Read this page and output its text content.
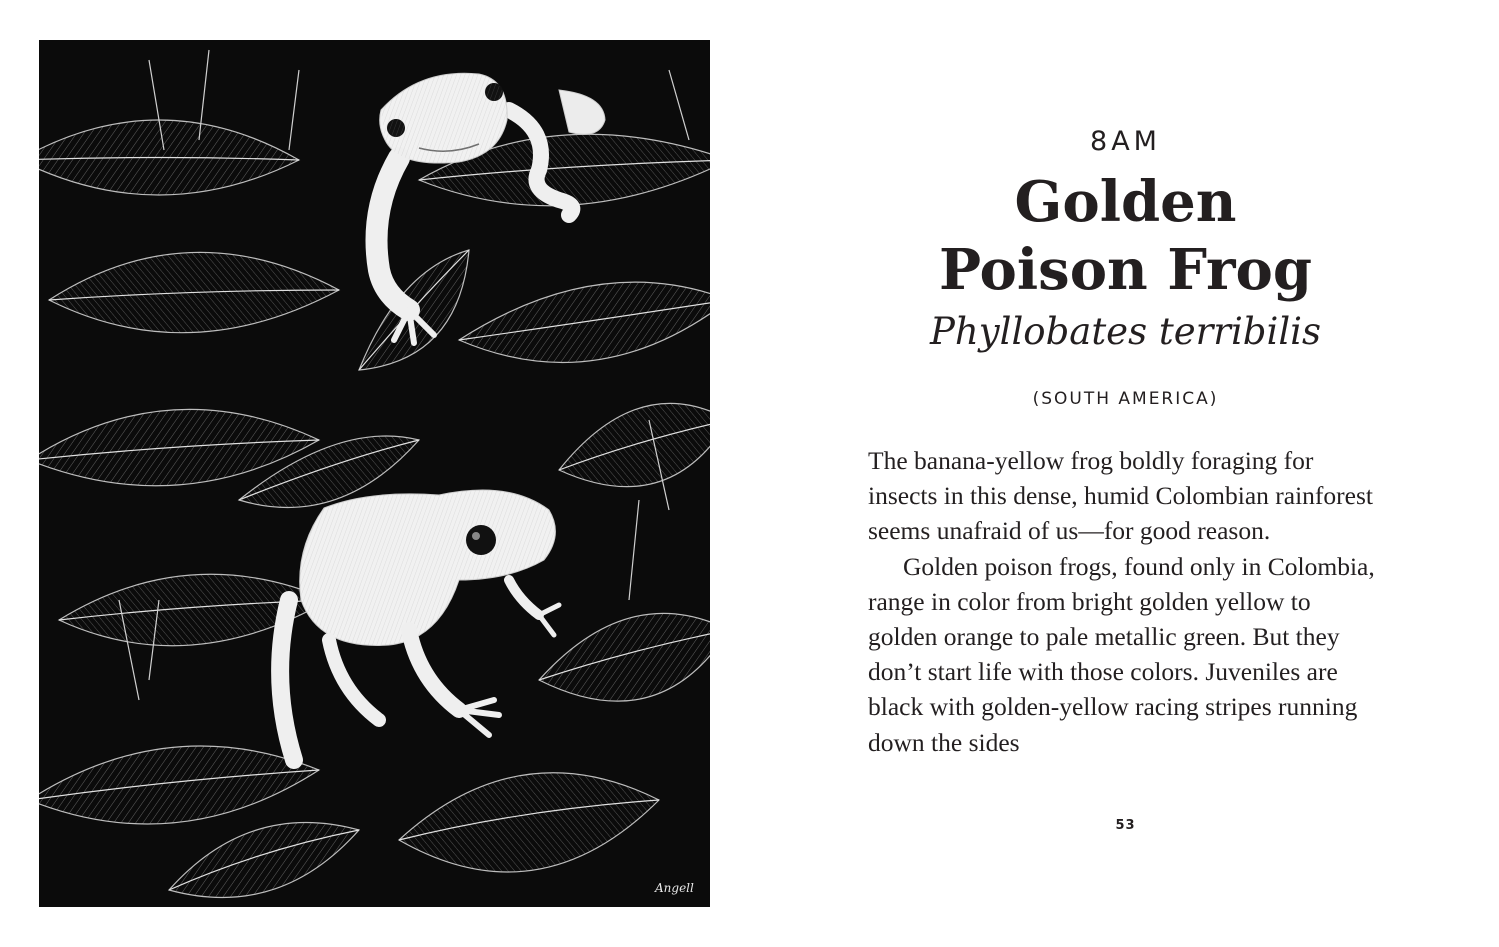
Angell
8AM
Golden
Poison Frog
Phyllobates terribilis
(SOUTH AMERICA)

The banana-yellow frog boldly foraging for insects in this dense, humid Colombian rainforest seems unafraid of us—for good reason.

Golden poison frogs, found only in Colombia, range in color from bright golden yellow to golden orange to pale metallic green. But they don’t start life with those colors. Juveniles are black with golden-yellow racing stripes running down the sides

53
